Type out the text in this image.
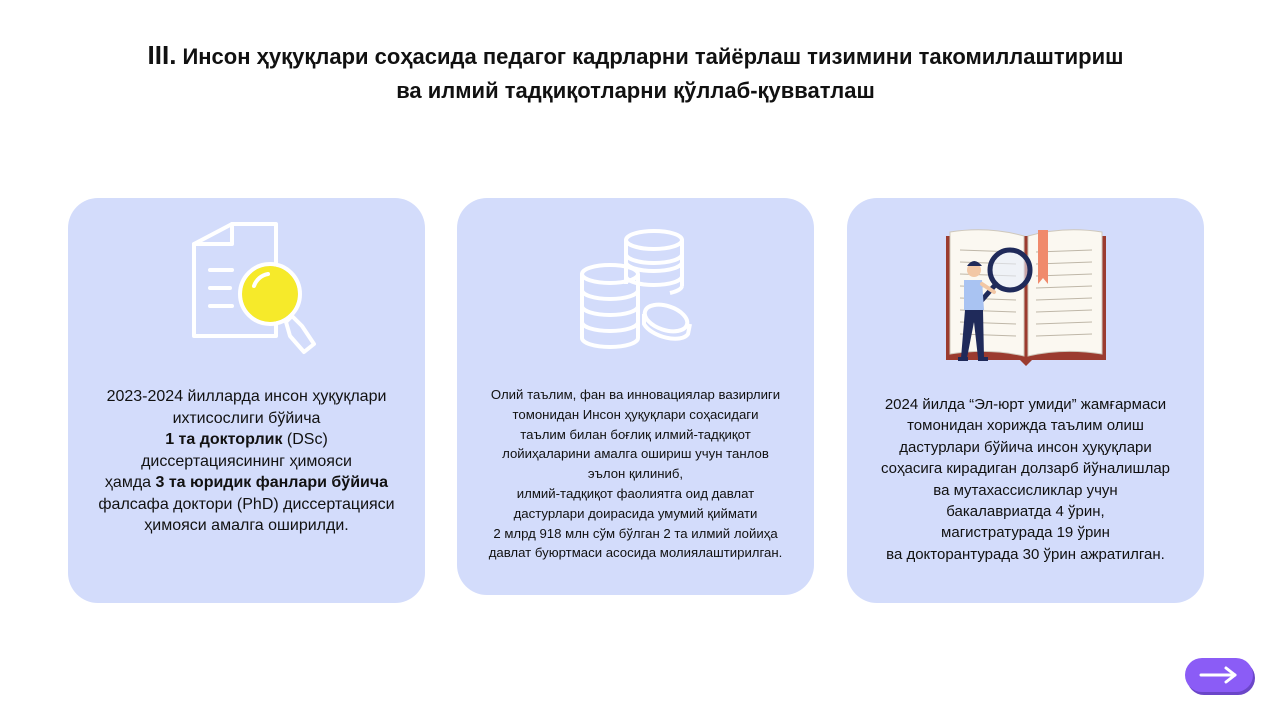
III. Инсон ҳуқуқлари соҳасида педагог кадрларни тайёрлаш тизимини такомиллаштириш
ва илмий тадқиқотларни қўллаб-қувватлаш
2023-2024 йилларда инсон ҳуқуқлари
ихтисослиги бўйича
1 та докторлик (DSc)
диссертациясининг ҳимояси
ҳамда 3 та юридик фанлари бўйича
фалсафа доктори (PhD) диссертацияси
ҳимояси амалга оширилди.
Олий таълим, фан ва инновациялар вазирлиги
томонидан Инсон ҳуқуқлари соҳасидаги
таълим билан боғлиқ илмий-тадқиқот
лойиҳаларини амалга ошириш учун танлов
эълон қилиниб,
илмий-тадқиқот фаолиятга оид давлат
дастурлари доирасида умумий қиймати
2 млрд 918 млн сўм бўлган 2 та илмий лойиҳа
давлат буюртмаси асосида молиялаштирилган.
2024 йилда “Эл-юрт умиди” жамғармаси
томонидан хорижда таълим олиш
дастурлари бўйича инсон ҳуқуқлари
соҳасига кирадиган долзарб йўналишлар
ва мутахассисликлар учун
бакалавриатда 4 ўрин,
магистратурада 19 ўрин
ва докторантурада 30 ўрин ажратилган.
